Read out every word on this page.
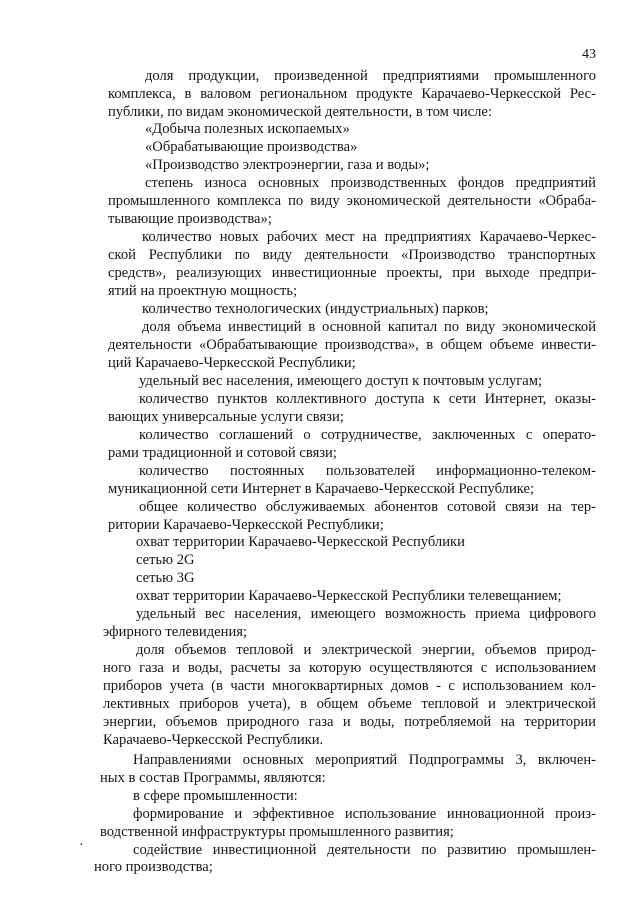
43

доля продукции, произведенной предприятиями промышленного

комплекса, в валовом региональном продукте Карачаево-Черкесской Рес-

публики, по видам экономической деятельности, в том числе:

«Добыча полезных ископаемых»

«Обрабатывающие производства»

«Производство электроэнергии, газа и воды»;

степень износа основных производственных фондов предприятий

промышленного комплекса по виду экономической деятельности «Обраба-

тывающие производства»;

количество новых рабочих мест на предприятиях Карачаево-Черкес-

ской Республики по виду деятельности «Производство транспортных

средств», реализующих инвестиционные проекты, при выходе предпри-

ятий на проектную мощность;

количество технологических (индустриальных) парков;

доля объема инвестиций в основной капитал по виду экономической

деятельности «Обрабатывающие производства», в общем объеме инвести-

ций Карачаево-Черкесской Республики;

удельный вес населения, имеющего доступ к почтовым услугам;

количество пунктов коллективного доступа к сети Интернет, оказы-

вающих универсальные услуги связи;

количество соглашений о сотрудничестве, заключенных с операто-

рами традиционной и сотовой связи;

количество постоянных пользователей информационно-телеком-

муникационной сети Интернет в Карачаево-Черкесской Республике;

общее количество обслуживаемых абонентов сотовой связи на тер-

ритории Карачаево-Черкесской Республики;

охват территории Карачаево-Черкесской Республики

сетью 2G

сетью 3G

охват территории Карачаево-Черкесской Республики телевещанием;

удельный вес населения, имеющего возможность приема цифрового

эфирного телевидения;

доля объемов тепловой и электрической энергии, объемов природ-

ного газа и воды, расчеты за которую осуществляются с использованием

приборов учета (в части многоквартирных домов - с использованием кол-

лективных приборов учета), в общем объеме тепловой и электрической

энергии, объемов природного газа и воды, потребляемой на территории

Карачаево-Черкесской Республики.

Направлениями основных мероприятий Подпрограммы 3, включен-

ных в состав Программы, являются:

в сфере промышленности:

формирование и эффективное использование инновационной произ-

водственной инфраструктуры промышленного развития;

содействие инвестиционной деятельности по развитию промышлен-

ного производства;

·
